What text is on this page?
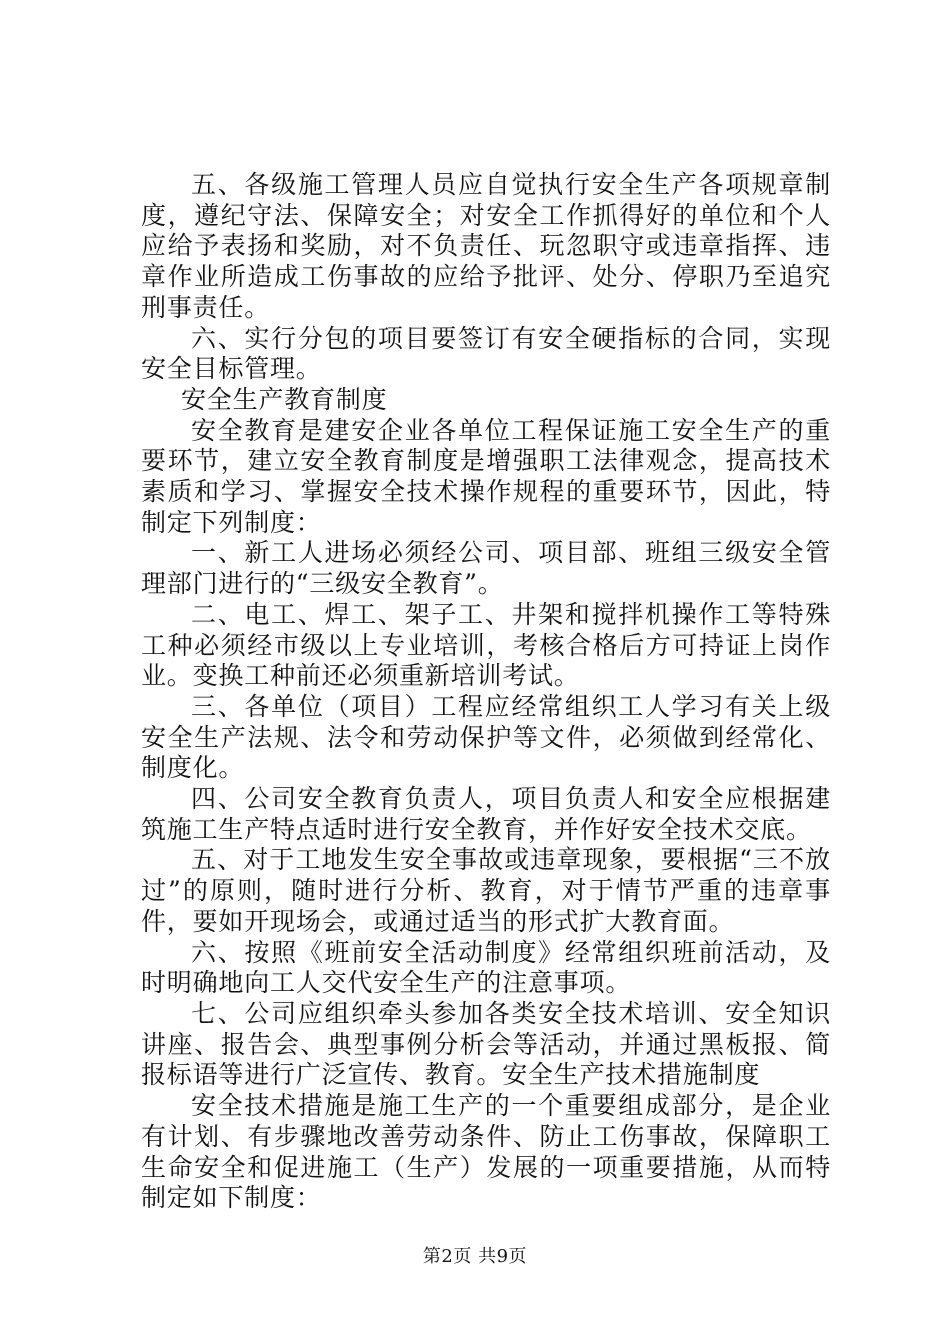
五、各级施工管理人员应自觉执行安全生产各项规章制度，遵纪守法、保障安全；对安全工作抓得好的单位和个人应给予表扬和奖励，对不负责任、玩忽职守或违章指挥、违章作业所造成工伤事故的应给予批评、处分、停职乃至追究刑事责任。

六、实行分包的项目要签订有安全硬指标的合同，实现安全目标管理。

安全生产教育制度

安全教育是建安企业各单位工程保证施工安全生产的重要环节，建立安全教育制度是增强职工法律观念，提高技术素质和学习、掌握安全技术操作规程的重要环节，因此，特制定下列制度：

一、新工人进场必须经公司、项目部、班组三级安全管理部门进行的“三级安全教育”。

二、电工、焊工、架子工、井架和搅拌机操作工等特殊工种必须经市级以上专业培训，考核合格后方可持证上岗作业。变换工种前还必须重新培训考试。

三、各单位（项目）工程应经常组织工人学习有关上级安全生产法规、法令和劳动保护等文件，必须做到经常化、制度化。

四、公司安全教育负责人，项目负责人和安全应根据建筑施工生产特点适时进行安全教育，并作好安全技术交底。

五、对于工地发生安全事故或违章现象，要根据“三不放过”的原则，随时进行分析、教育，对于情节严重的违章事件，要如开现场会，或通过适当的形式扩大教育面。

六、按照《班前安全活动制度》经常组织班前活动，及时明确地向工人交代安全生产的注意事项。

七、公司应组织牵头参加各类安全技术培训、安全知识讲座、报告会、典型事例分析会等活动，并通过黑板报、简报标语等进行广泛宣传、教育。安全生产技术措施制度

安全技术措施是施工生产的一个重要组成部分，是企业有计划、有步骤地改善劳动条件、防止工伤事故，保障职工生命安全和促进施工（生产）发展的一项重要措施，从而特制定如下制度：

第2页 共9页
